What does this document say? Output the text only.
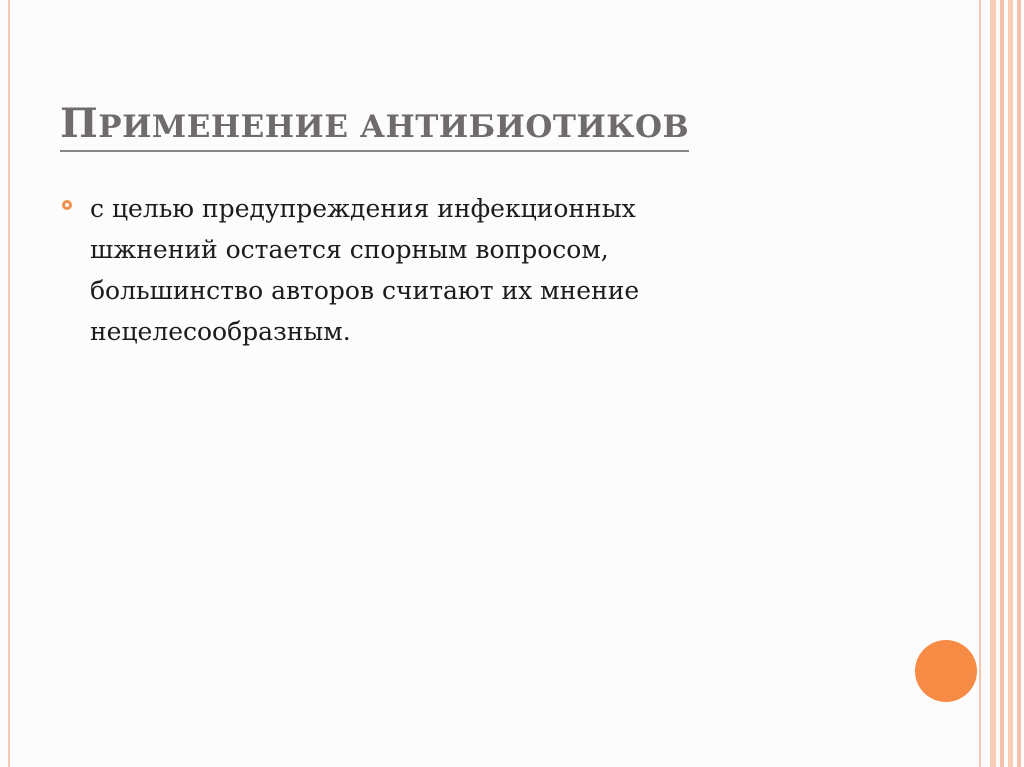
ПРИМЕНЕНИЕ АНТИБИОТИКОВ
с целью предупреждения инфекционных
шжнений остается спорным вопросом,
большинство авторов считают их мнение
нецелесообразным.
